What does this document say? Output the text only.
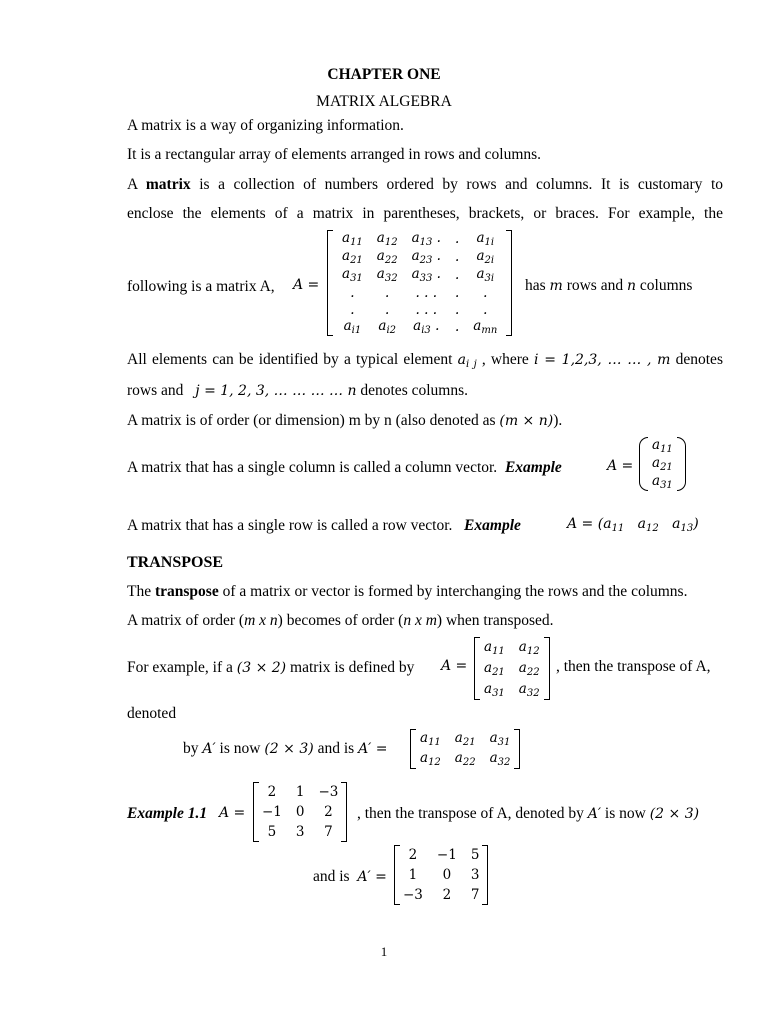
CHAPTER ONE
MATRIX ALGEBRA
A matrix is a way of organizing information.
It is a rectangular array of elements arranged in rows and columns.
A matrix is a collection of numbers ordered by rows and columns. It is customary to
enclose the elements of a matrix in parentheses, brackets, or braces. For example, the
following is a matrix A, A =
$a_{11}$	$a_{12}$	$a_{13}$ .	.	$a_{1i}$
$a_{21}$	$a_{22}$	$a_{23}$ .	.	$a_{2i}$
$a_{31}$	$a_{32}$	$a_{33}$ .	.	$a_{3i}$
.	.	. . .	.	.
.	.	. . .	.	.
$a_{i1}$	$a_{i2}$	$a_{i3}$ .	.	$a_{mn}$
has m rows and n columns
All elements can be identified by a typical element $a_{i j}$ , where i = 1,2,3, … … , m denotes
rows and j = 1, 2, 3, … … … … n denotes columns.
A matrix is of order (or dimension) m by n (also denoted as (m × n)).
A matrix that has a single column is called a column vector. Example	A =
$a_{11}$
$a_{21}$
$a_{31}$
A matrix that has a single row is called a row vector. Example	$A = (a_{11}$ $a_{12}$ $a_{13}$)
TRANSPOSE
The transpose of a matrix or vector is formed by interchanging the rows and the columns.
A matrix of order (m x n) becomes of order (n x m) when transposed.
For example, if a (3 × 2) matrix is defined by A =
$a_{11}$	$a_{12}$
$a_{21}$	$a_{22}$
$a_{31}$	$a_{32}$
, then the transpose of A,
denoted
by A′ is now (2 × 3) and is A′ =
$a_{11}$	$a_{21}$	$a_{31}$
$a_{12}$	$a_{22}$	$a_{32}$
Example 1.1 A =
2	1	−3
−1	0	2
5	3	7
, then the transpose of A, denoted by A′ is now (2 × 3)
and is A′ =
2	−1	5
1	0	3
−3	2	7
1
